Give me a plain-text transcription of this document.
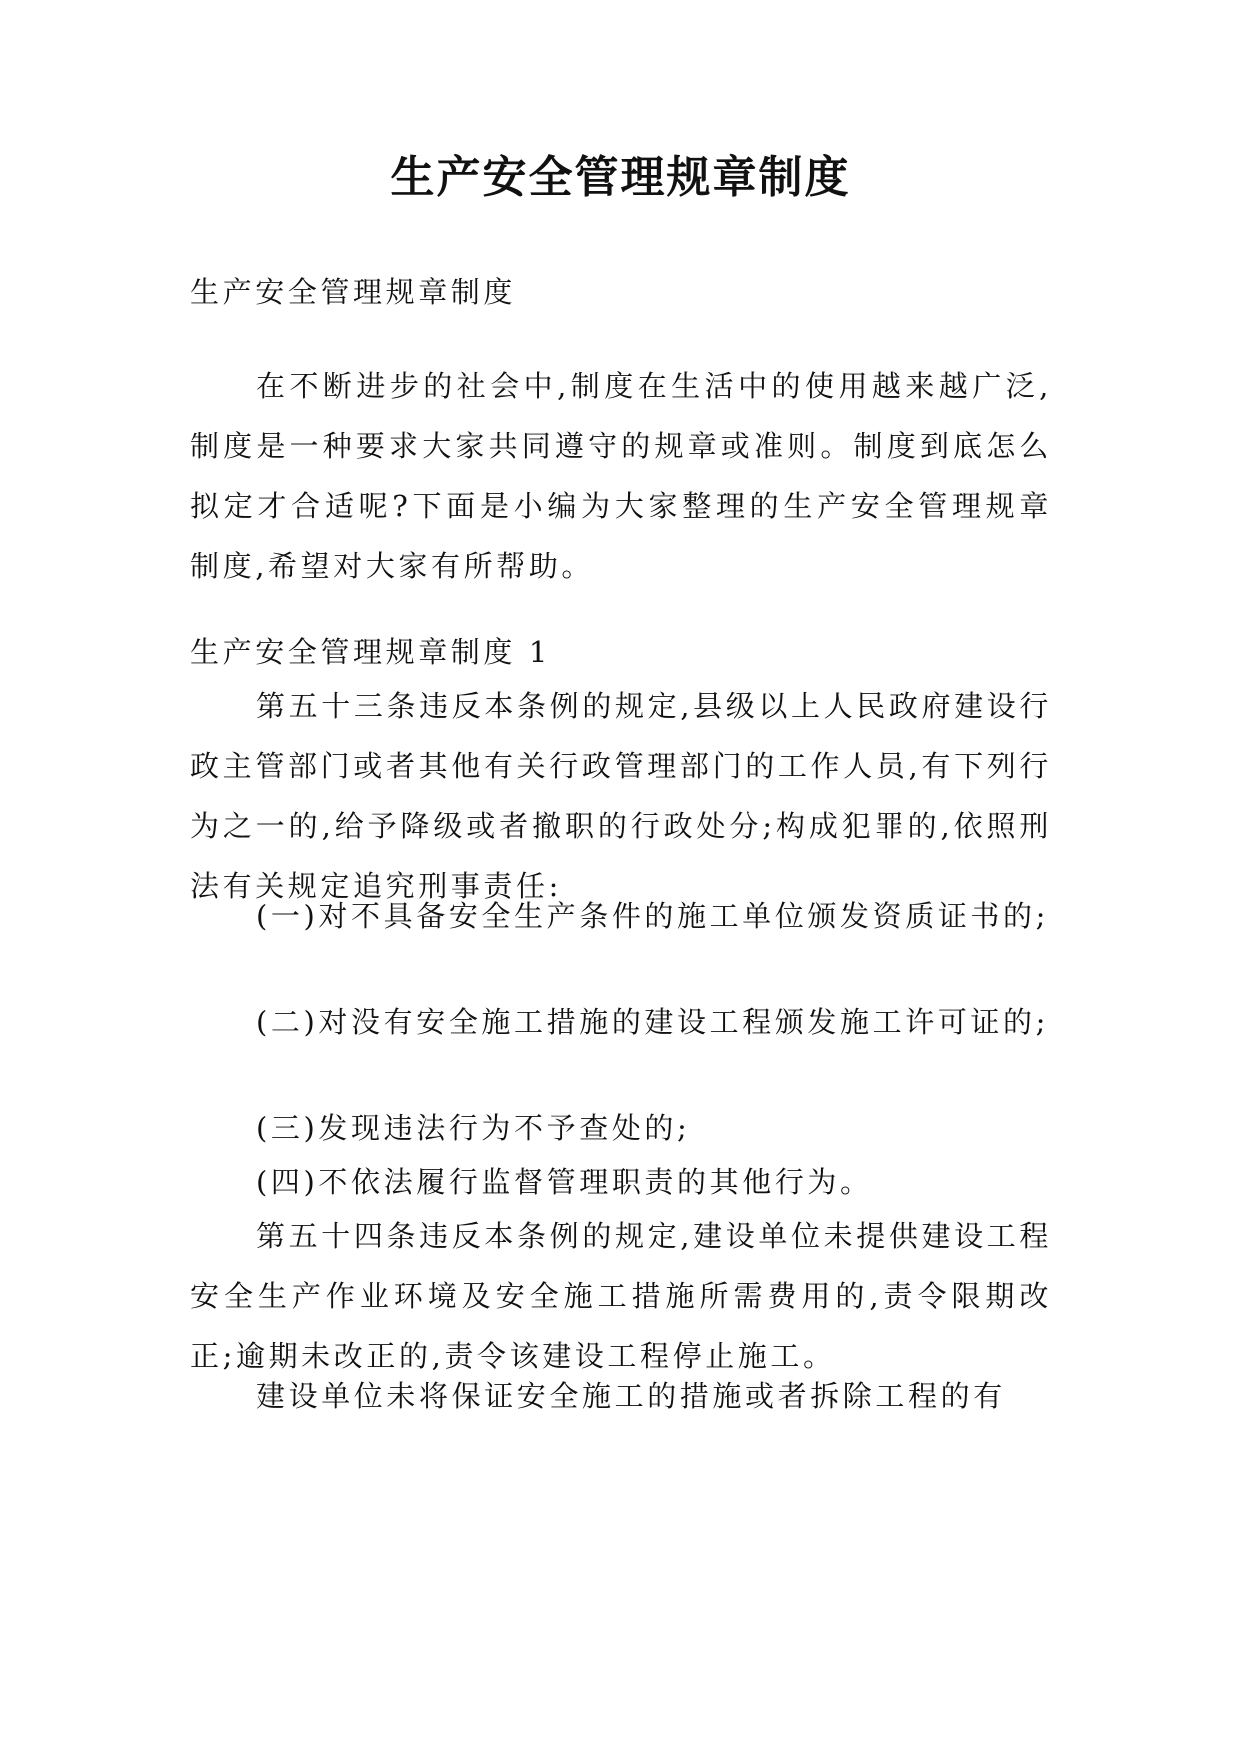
生产安全管理规章制度

生产安全管理规章制度

在不断进步的社会中,制度在生活中的使用越来越广泛,制度是一种要求大家共同遵守的规章或准则。制度到底怎么拟定才合适呢?下面是小编为大家整理的生产安全管理规章制度,希望对大家有所帮助。

生产安全管理规章制度 1

第五十三条违反本条例的规定,县级以上人民政府建设行政主管部门或者其他有关行政管理部门的工作人员,有下列行为之一的,给予降级或者撤职的行政处分;构成犯罪的,依照刑法有关规定追究刑事责任:

(一)对不具备安全生产条件的施工单位颁发资质证书的;

(二)对没有安全施工措施的建设工程颁发施工许可证的;

(三)发现违法行为不予查处的;

(四)不依法履行监督管理职责的其他行为。

第五十四条违反本条例的规定,建设单位未提供建设工程安全生产作业环境及安全施工措施所需费用的,责令限期改正;逾期未改正的,责令该建设工程停止施工。

建设单位未将保证安全施工的措施或者拆除工程的有
